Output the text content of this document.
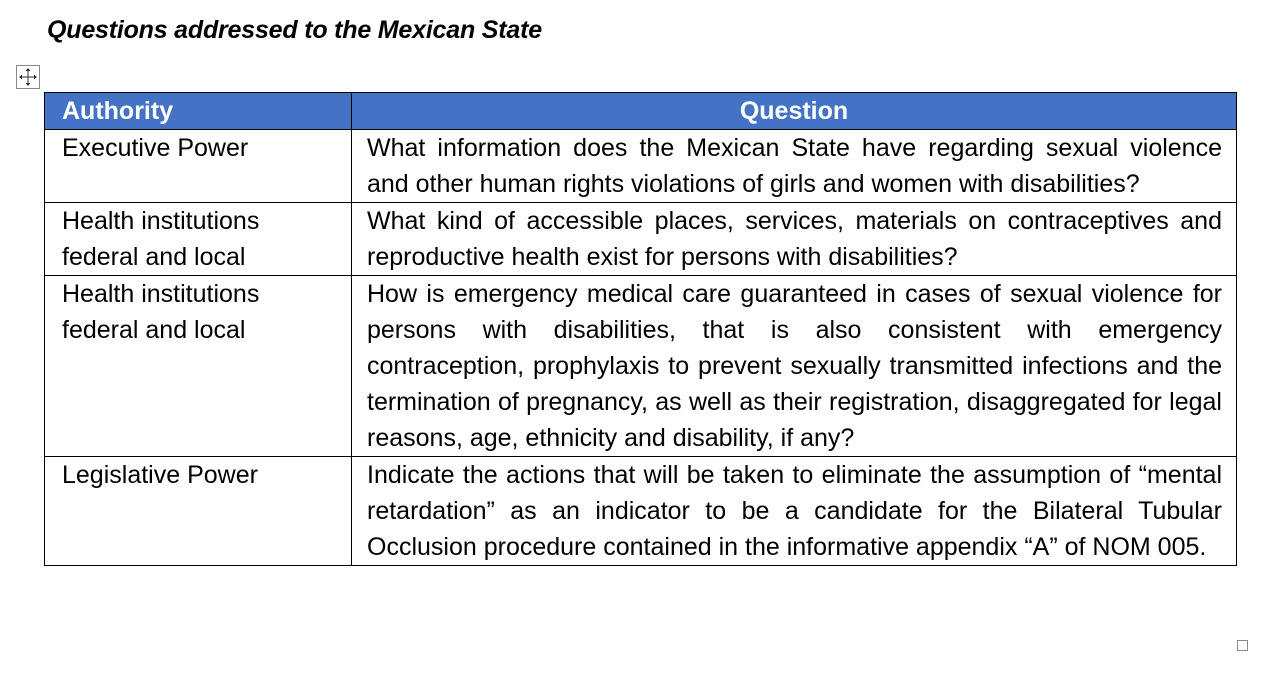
Questions addressed to the Mexican State
Authority	Question
Executive Power	What information does the Mexican State have regarding sexual violence and other human rights violations of girls and women with disabilities?
Health institutions federal and local	What kind of accessible places, services, materials on contraceptives and reproductive health exist for persons with disabilities?
Health institutions federal and local	How is emergency medical care guaranteed in cases of sexual violence for persons with disabilities, that is also consistent with emergency contraception, prophylaxis to prevent sexually transmitted infections and the termination of pregnancy, as well as their registration, disaggregated for legal reasons, age, ethnicity and disability, if any?
Legislative Power	Indicate the actions that will be taken to eliminate the assumption of “mental retardation” as an indicator to be a candidate for the Bilateral Tubular Occlusion procedure contained in the informative appendix “A” of NOM 005.
